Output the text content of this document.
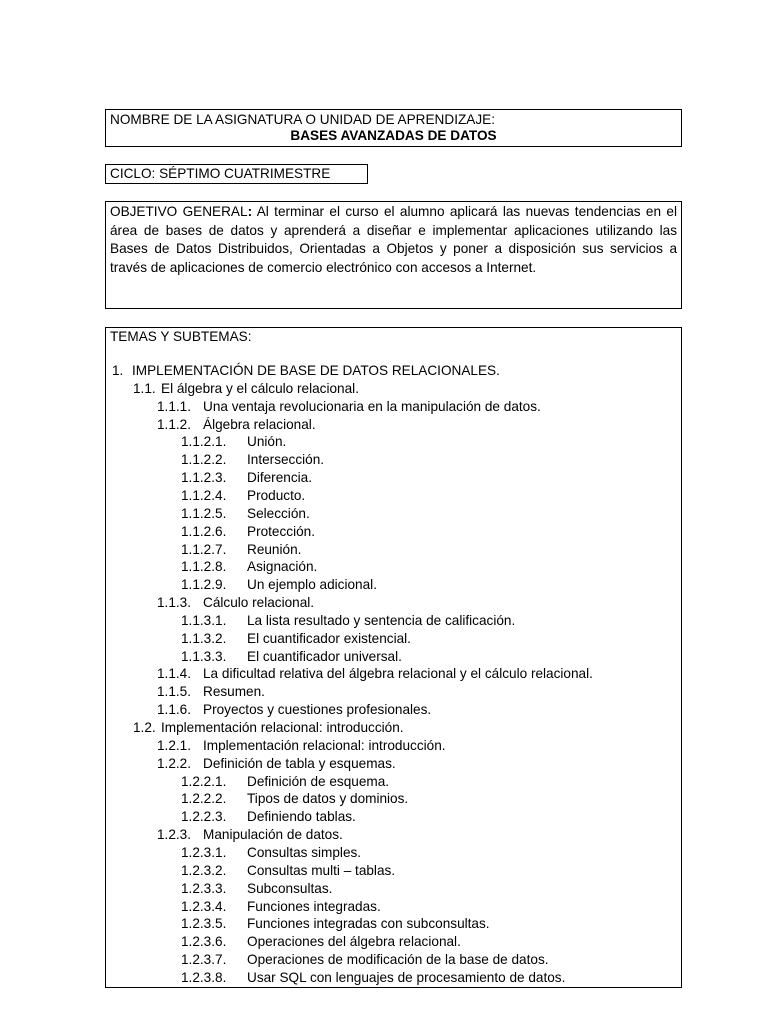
NOMBRE DE LA ASIGNATURA O UNIDAD DE APRENDIZAJE:
BASES AVANZADAS DE DATOS
CICLO: SÉPTIMO CUATRIMESTRE
OBJETIVO GENERAL: Al terminar el curso el alumno aplicará las nuevas tendencias en el área de bases de datos y aprenderá a diseñar e implementar aplicaciones utilizando las Bases de Datos Distribuidos, Orientadas a Objetos y poner a disposición sus servicios a través de aplicaciones de comercio electrónico con accesos a Internet.
TEMAS Y SUBTEMAS:
1. IMPLEMENTACIÓN DE BASE DE DATOS RELACIONALES.
1.1. El álgebra y el cálculo relacional.
1.1.1. Una ventaja revolucionaria en la manipulación de datos.
1.1.2. Álgebra relacional.
1.1.2.1. Unión.
1.1.2.2. Intersección.
1.1.2.3. Diferencia.
1.1.2.4. Producto.
1.1.2.5. Selección.
1.1.2.6. Protección.
1.1.2.7. Reunión.
1.1.2.8. Asignación.
1.1.2.9. Un ejemplo adicional.
1.1.3. Cálculo relacional.
1.1.3.1. La lista resultado y sentencia de calificación.
1.1.3.2. El cuantificador existencial.
1.1.3.3. El cuantificador universal.
1.1.4. La dificultad relativa del álgebra relacional y el cálculo relacional.
1.1.5. Resumen.
1.1.6. Proyectos y cuestiones profesionales.
1.2. Implementación relacional: introducción.
1.2.1. Implementación relacional: introducción.
1.2.2. Definición de tabla y esquemas.
1.2.2.1. Definición de esquema.
1.2.2.2. Tipos de datos y dominios.
1.2.2.3. Definiendo tablas.
1.2.3. Manipulación de datos.
1.2.3.1. Consultas simples.
1.2.3.2. Consultas multi – tablas.
1.2.3.3. Subconsultas.
1.2.3.4. Funciones integradas.
1.2.3.5. Funciones integradas con subconsultas.
1.2.3.6. Operaciones del álgebra relacional.
1.2.3.7. Operaciones de modificación de la base de datos.
1.2.3.8. Usar SQL con lenguajes de procesamiento de datos.
